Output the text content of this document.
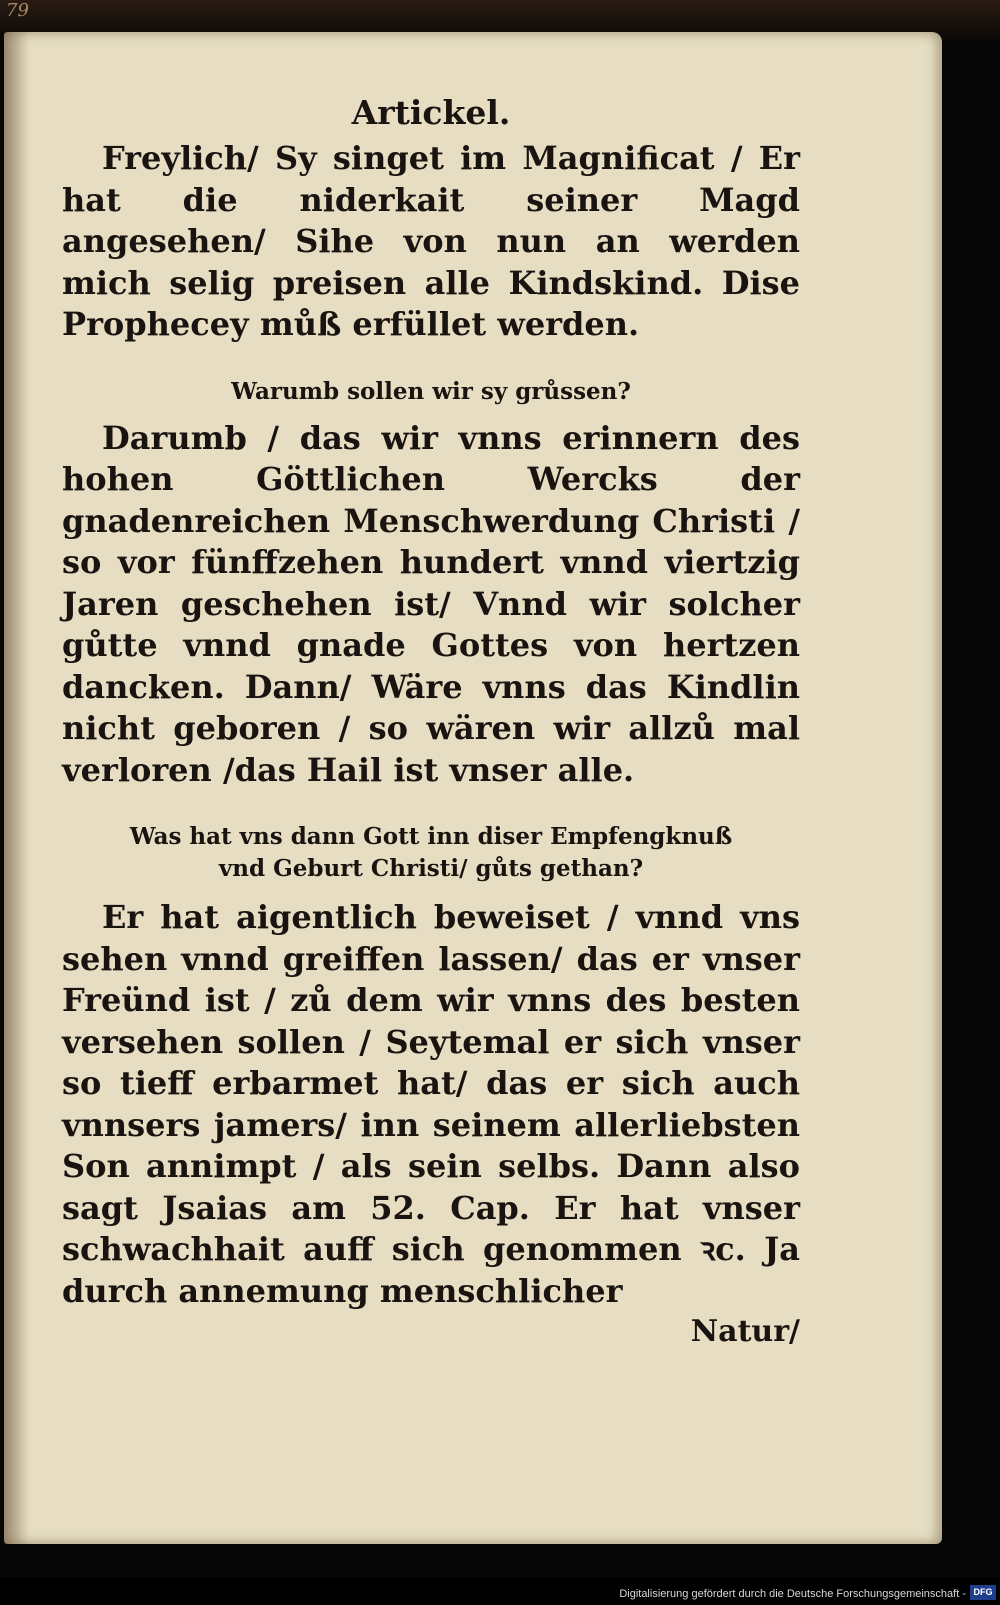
79
Artickel.

Freylich/ Sy singet im Magnificat / Er hat die niderkait seiner Magd angesehen/ Sihe von nun an werden mich selig preisen alle Kindskind. Dise Prophecey můß erfüllet werden.

Warumb sollen wir sy grůssen?

Darumb / das wir vnns erinnern des hohen Göttlichen Wercks der gnadenreichen Menschwerdung Christi / so vor fünffzehen hundert vnnd viertzig Jaren geschehen ist/ Vnnd wir solcher gůtte vnnd gnade Gottes von hertzen dancken. Dann/ Wäre vnns das Kindlin nicht geboren / so wären wir allzů mal verloren /das Hail ist vnser alle.

Was hat vns dann Gott inn diser Empfengknuß vnd Geburt Christi/ gůts gethan?

Er hat aigentlich beweiset / vnnd vns sehen vnnd greiffen lassen/ das er vnser Freünd ist / zů dem wir vnns des besten versehen sollen / Seytemal er sich vnser so tieff erbarmet hat/ das er sich auch vnnsers jamers/ inn seinem allerliebsten Son annimpt / als sein selbs. Dann also sagt Jsaias am 52. Cap. Er hat vnser schwachhait auff sich genommen ꝛc. Ja durch annemung menschlicher

Natur/

Digitalisierung gefördert durch die Deutsche Forschungsgemeinschaft - DFG
